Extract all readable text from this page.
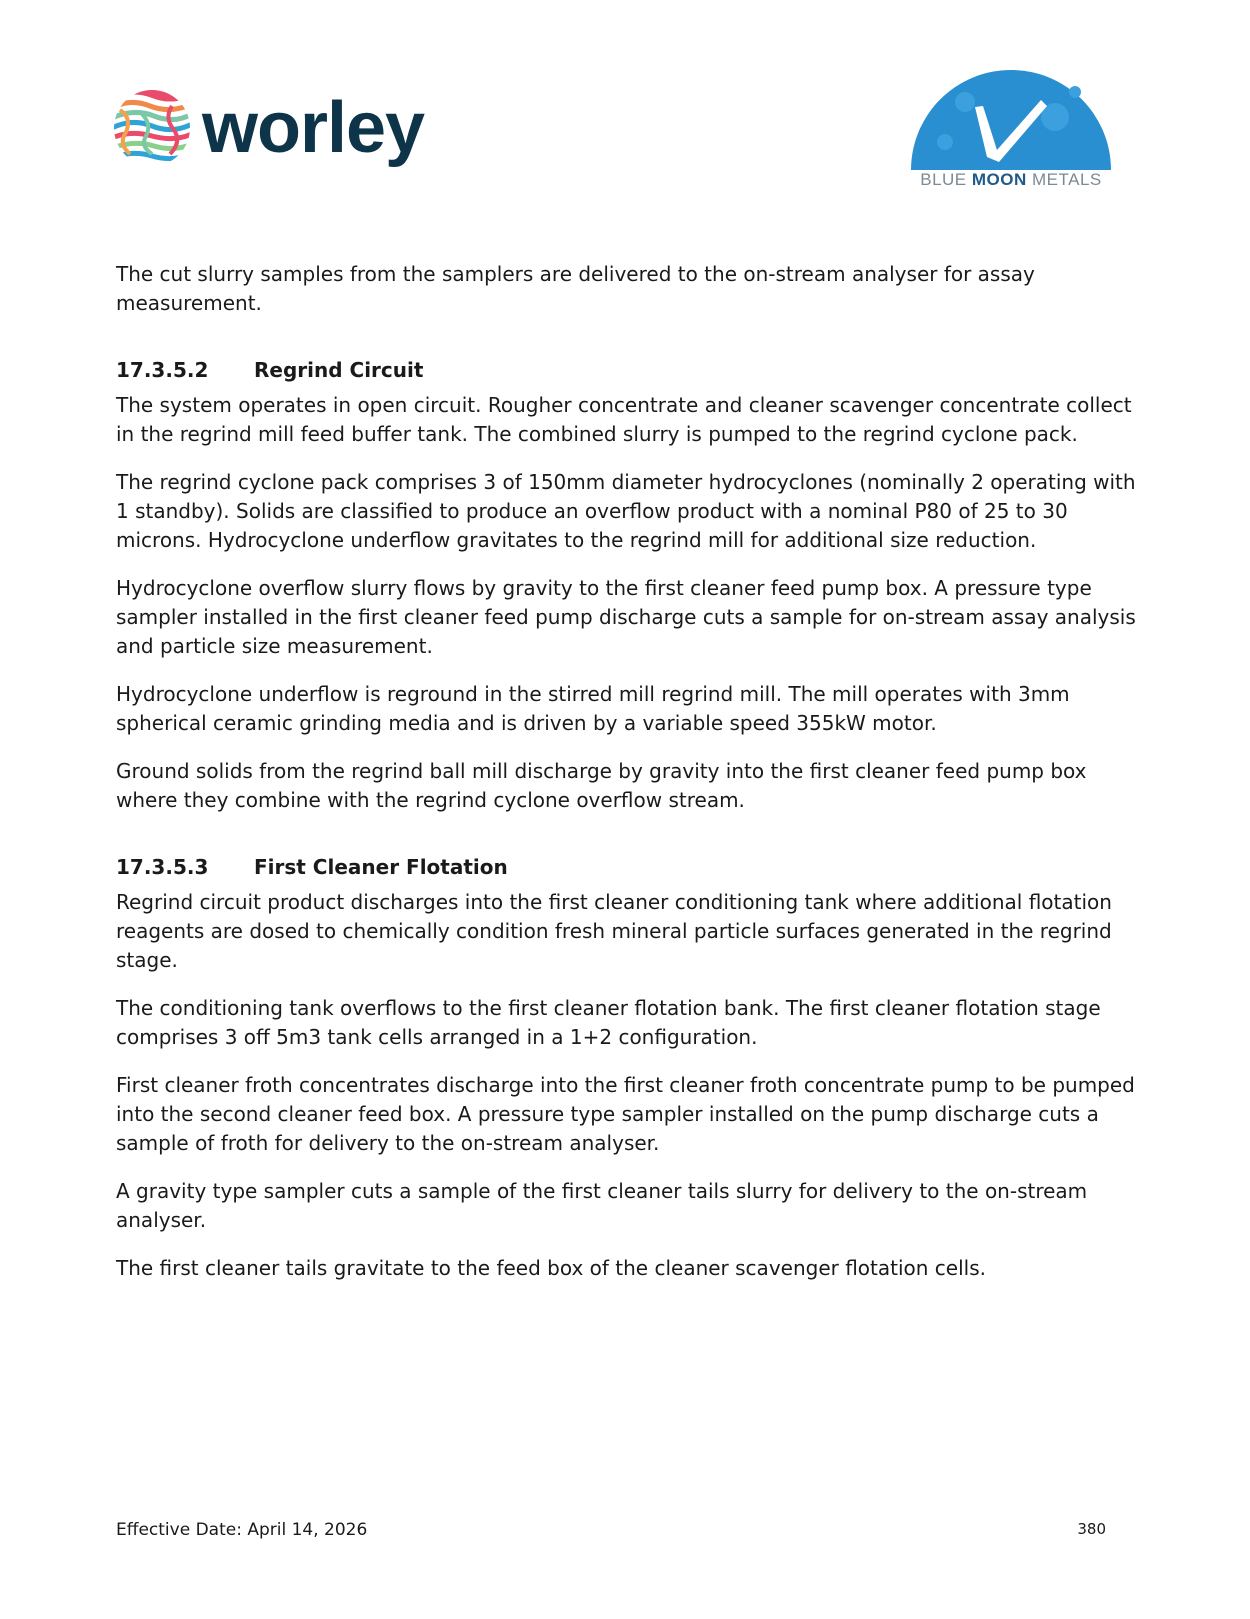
worley
BLUE MOON METALS

The cut slurry samples from the samplers are delivered to the on-stream analyser for assay measurement.

17.3.5.2	Regrind Circuit

The system operates in open circuit. Rougher concentrate and cleaner scavenger concentrate collect in the regrind mill feed buffer tank. The combined slurry is pumped to the regrind cyclone pack.

The regrind cyclone pack comprises 3 of 150mm diameter hydrocyclones (nominally 2 operating with 1 standby). Solids are classified to produce an overflow product with a nominal P80 of 25 to 30 microns. Hydrocyclone underflow gravitates to the regrind mill for additional size reduction.

Hydrocyclone overflow slurry flows by gravity to the first cleaner feed pump box. A pressure type sampler installed in the first cleaner feed pump discharge cuts a sample for on-stream assay analysis and particle size measurement.

Hydrocyclone underflow is reground in the stirred mill regrind mill. The mill operates with 3mm spherical ceramic grinding media and is driven by a variable speed 355kW motor.

Ground solids from the regrind ball mill discharge by gravity into the first cleaner feed pump box where they combine with the regrind cyclone overflow stream.

17.3.5.3	First Cleaner Flotation

Regrind circuit product discharges into the first cleaner conditioning tank where additional flotation reagents are dosed to chemically condition fresh mineral particle surfaces generated in the regrind stage.

The conditioning tank overflows to the first cleaner flotation bank. The first cleaner flotation stage comprises 3 off 5m3 tank cells arranged in a 1+2 configuration.

First cleaner froth concentrates discharge into the first cleaner froth concentrate pump to be pumped into the second cleaner feed box. A pressure type sampler installed on the pump discharge cuts a sample of froth for delivery to the on-stream analyser.

A gravity type sampler cuts a sample of the first cleaner tails slurry for delivery to the on-stream analyser.

The first cleaner tails gravitate to the feed box of the cleaner scavenger flotation cells.

Effective Date: April 14, 2026	380
